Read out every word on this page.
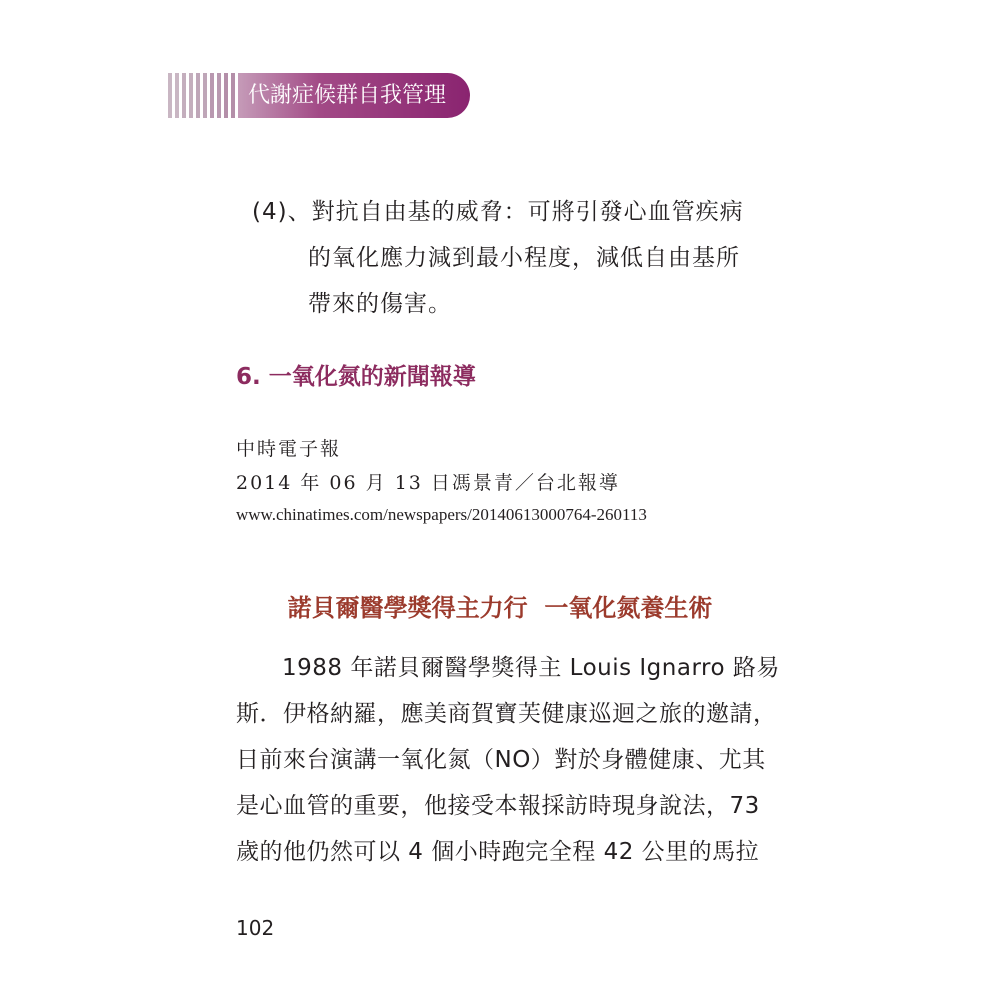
代謝症候群自我管理
(4)、對抗自由基的威脅：可將引發心血管疾病
的氧化應力減到最小程度，減低自由基所
帶來的傷害。
6. 一氧化氮的新聞報導
中時電子報
2014 年 06 月 13 日馮景青／台北報導
www.chinatimes.com/newspapers/20140613000764-260113
諾貝爾醫學獎得主力行  一氧化氮養生術
1988 年諾貝爾醫學獎得主 Louis Ignarro 路易
斯．伊格納羅，應美商賀寶芙健康巡迴之旅的邀請，
日前來台演講一氧化氮（NO）對於身體健康、尤其
是心血管的重要，他接受本報採訪時現身說法，73
歲的他仍然可以 4 個小時跑完全程 42 公里的馬拉
102
